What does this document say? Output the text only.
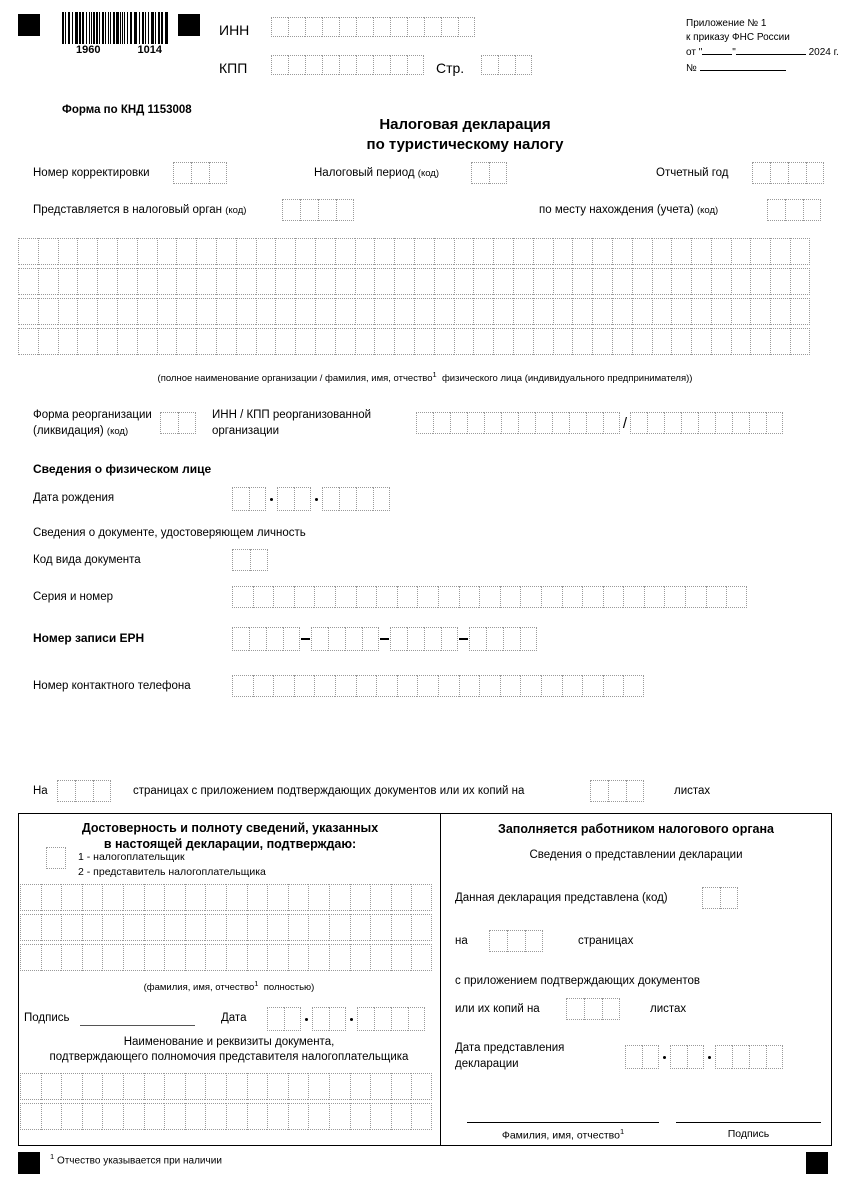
1960	1014
ИНН
КПП	Стр.
Приложение № 1
к приказу ФНС России
от "	"	2024 г.
№
Форма по КНД 1153008
Налоговая декларация
по туристическому налогу
Номер корректировки	Налоговый период (код)	Отчетный год
Представляется в налоговый орган (код)	по месту нахождения (учета) (код)
(полное наименование организации / фамилия, имя, отчество$^1$ физического лица (индивидуального предпринимателя))
Форма реорганизации
(ликвидация) (код)
ИНН / КПП реорганизованной
организации	/
Сведения о физическом лице
Дата рождения
Сведения о документе, удостоверяющем личность
Код вида документа
Серия и номер
Номер записи ЕРН
Номер контактного телефона
На	страницах с приложением подтверждающих документов или их копий на	листах
Достоверность и полноту сведений, указанных
в настоящей декларации, подтверждаю:
1 - налогоплательщик
2 - представитель налогоплательщика
(фамилия, имя, отчество$^1$ полностью)
Подпись	Дата
Наименование и реквизиты документа,
подтверждающего полномочия представителя налогоплательщика
Заполняется работником налогового органа
Сведения о представлении декларации
Данная декларация представлена (код)
на	страницах
с приложением подтверждающих документов
или их копий на	листах
Дата представления
декларации
Фамилия, имя, отчество$^1$	Подпись
$^1$ Отчество указывается при наличии
